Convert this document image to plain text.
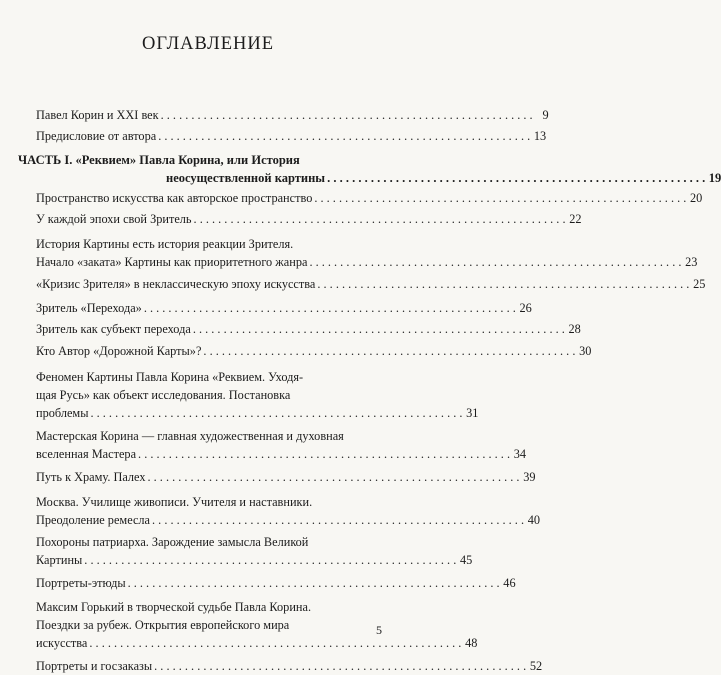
ОГЛАВЛЕНИЕ
Павел Корин и XXI век . . .	9
Предисловие от автора . . .	13
ЧАСТЬ I. «Реквием» Павла Корина, или История
неосуществленной картины . . .	19
Пространство искусства как авторское пространство . . .	20
У каждой эпохи свой Зритель . . .	22
История Картины есть история реакции Зрителя.
Начало «заката» Картины как приоритетного жанра . . .	23
«Кризис Зрителя» в неклассическую эпоху искусства . . .	25
Зритель «Перехода» . . .	26
Зритель как субъект перехода . . .	28
Кто Автор «Дорожной Карты»? . . .	30
Феномен Картины Павла Корина «Реквием. Уходя-
щая Русь» как объект исследования. Постановка
проблемы . . .	31
Мастерская Корина — главная художественная и духовная
вселенная Мастера . . .	34
Путь к Храму. Палех . . .	39
Москва. Училище живописи. Учителя и наставники.
Преодоление ремесла . . .	40
Похороны патриарха. Зарождение замысла Великой
Картины . . .	45
Портреты-этюды . . .	46
Максим Горький в творческой судьбе Павла Корина.
Поездки за рубеж. Открытия европейского мира
искусства . . .	48
Портреты и госзаказы . . .	52
5
